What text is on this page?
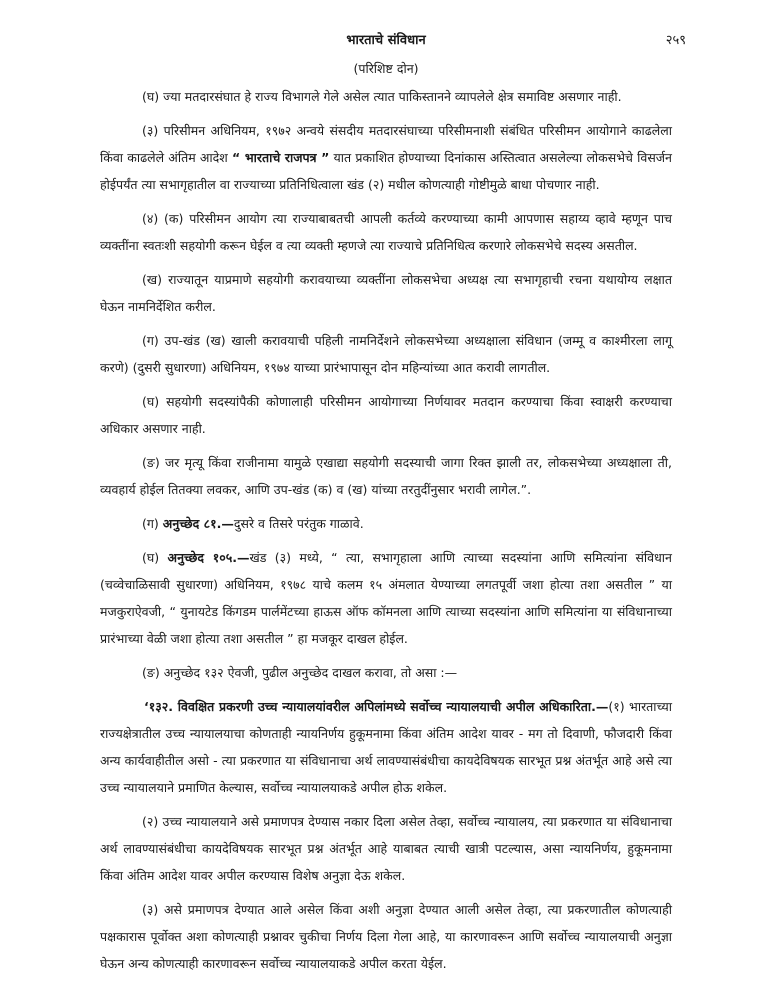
भारताचे संविधान	२५९
(परिशिष्ट दोन)

(घ) ज्या मतदारसंघात हे राज्य विभागले गेले असेल त्यात पाकिस्तानने व्यापलेले क्षेत्र समाविष्ट असणार नाही.

(३) परिसीमन अधिनियम, १९७२ अन्वये संसदीय मतदारसंघाच्या परिसीमनाशी संबंधित परिसीमन आयोगाने काढलेला किंवा काढलेले अंतिम आदेश “ भारताचे राजपत्र ” यात प्रकाशित होण्याच्या दिनांकास अस्तित्वात असलेल्या लोकसभेचे विसर्जन होईपर्यंत त्या सभागृहातील वा राज्याच्या प्रतिनिधित्वाला खंड (२) मधील कोणत्याही गोष्टीमुळे बाधा पोचणार नाही.

(४) (क) परिसीमन आयोग त्या राज्याबाबतची आपली कर्तव्ये करण्याच्या कामी आपणास सहाय्य व्हावे म्हणून पाच व्यक्तींना स्वतःशी सहयोगी करून घेईल व त्या व्यक्ती म्हणजे त्या राज्याचे प्रतिनिधित्व करणारे लोकसभेचे सदस्य असतील.

(ख) राज्यातून याप्रमाणे सहयोगी करावयाच्या व्यक्तींना लोकसभेचा अध्यक्ष त्या सभागृहाची रचना यथायोग्य लक्षात घेऊन नामनिर्देशित करील.

(ग) उप-खंड (ख) खाली करावयाची पहिली नामनिर्देशने लोकसभेच्या अध्यक्षाला संविधान (जम्मू व काश्मीरला लागू करणे) (दुसरी सुधारणा) अधिनियम, १९७४ याच्या प्रारंभापासून दोन महिन्यांच्या आत करावी लागतील.

(घ) सहयोगी सदस्यांपैकी कोणालाही परिसीमन आयोगाच्या निर्णयावर मतदान करण्याचा किंवा स्वाक्षरी करण्याचा अधिकार असणार नाही.

(ङ) जर मृत्यू किंवा राजीनामा यामुळे एखाद्या सहयोगी सदस्याची जागा रिक्त झाली तर, लोकसभेच्या अध्यक्षाला ती, व्यवहार्य होईल तितक्या लवकर, आणि उप-खंड (क) व (ख) यांच्या तरतुदींनुसार भरावी लागेल.”.

(ग) अनुच्छेद ८१.—दुसरे व तिसरे परंतुक गाळावे.

(घ) अनुच्छेद १०५.—खंड (३) मध्ये, “ त्या, सभागृहाला आणि त्याच्या सदस्यांना आणि समित्यांना संविधान (चव्वेचाळिसावी सुधारणा) अधिनियम, १९७८ याचे कलम १५ अंमलात येण्याच्या लगतपूर्वी जशा होत्या तशा असतील ” या मजकुराऐवजी, “ युनायटेड किंगडम पार्लमेंटच्या हाऊस ऑफ कॉमनला आणि त्याच्या सदस्यांना आणि समित्यांना या संविधानाच्या प्रारंभाच्या वेळी जशा होत्या तशा असतील ” हा मजकूर दाखल होईल.

(ङ) अनुच्छेद १३२ ऐवजी, पुढील अनुच्छेद दाखल करावा, तो असा :—

‘१३२. विवक्षित प्रकरणी उच्च न्यायालयांवरील अपिलांमध्ये सर्वोच्च न्यायालयाची अपील अधिकारिता.—(१) भारताच्या राज्यक्षेत्रातील उच्च न्यायालयाचा कोणताही न्यायनिर्णय हुकूमनामा किंवा अंतिम आदेश यावर - मग तो दिवाणी, फौजदारी किंवा अन्य कार्यवाहीतील असो - त्या प्रकरणात या संविधानाचा अर्थ लावण्यासंबंधीचा कायदेविषयक सारभूत प्रश्न अंतर्भूत आहे असे त्या उच्च न्यायालयाने प्रमाणित केल्यास, सर्वोच्च न्यायालयाकडे अपील होऊ शकेल.

(२) उच्च न्यायालयाने असे प्रमाणपत्र देण्यास नकार दिला असेल तेव्हा, सर्वोच्च न्यायालय, त्या प्रकरणात या संविधानाचा अर्थ लावण्यासंबंधीचा कायदेविषयक सारभूत प्रश्न अंतर्भूत आहे याबाबत त्याची खात्री पटल्यास, असा न्यायनिर्णय, हुकूमनामा किंवा अंतिम आदेश यावर अपील करण्यास विशेष अनुज्ञा देऊ शकेल.

(३) असे प्रमाणपत्र देण्यात आले असेल किंवा अशी अनुज्ञा देण्यात आली असेल तेव्हा, त्या प्रकरणातील कोणत्याही पक्षकारास पूर्वोक्त अशा कोणत्याही प्रश्नावर चुकीचा निर्णय दिला गेला आहे, या कारणावरून आणि सर्वोच्च न्यायालयाची अनुज्ञा घेऊन अन्य कोणत्याही कारणावरून सर्वोच्च न्यायालयाकडे अपील करता येईल.
